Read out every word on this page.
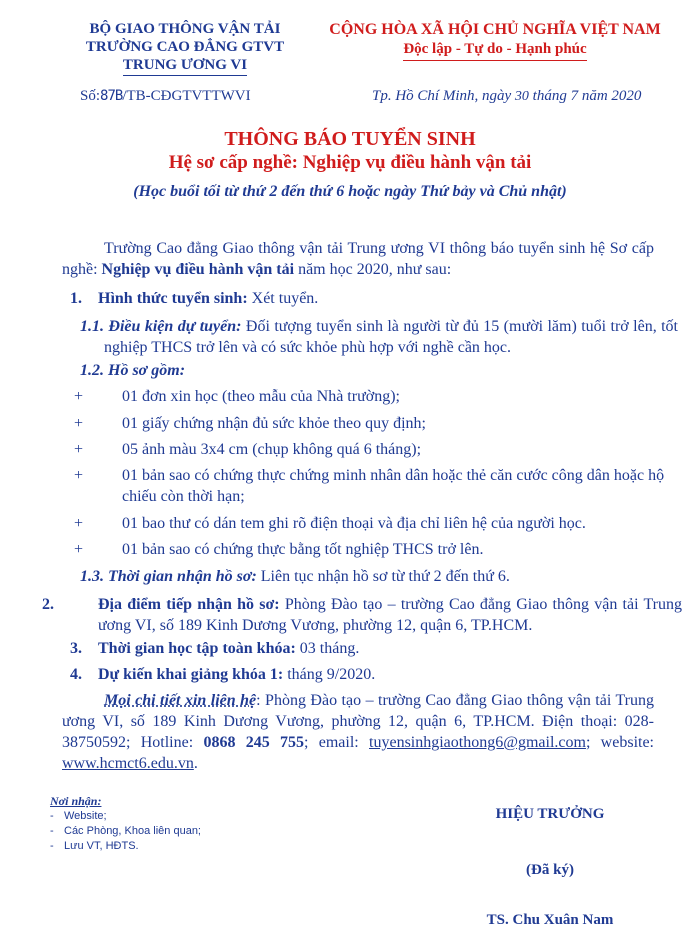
BỘ GIAO THÔNG VẬN TẢI
TRƯỜNG CAO ĐẲNG GTVT
TRUNG ƯƠNG VI
CỘNG HÒA XÃ HỘI CHỦ NGHĨA VIỆT NAM
Độc lập - Tự do - Hạnh phúc
Số:87B/TB-CĐGTVTTWVI	Tp. Hồ Chí Minh, ngày 30 tháng 7 năm 2020
THÔNG BÁO TUYỂN SINH
Hệ sơ cấp nghề: Nghiệp vụ điều hành vận tải
(Học buổi tối từ thứ 2 đến thứ 6 hoặc ngày Thứ bảy và Chủ nhật)
Trường Cao đẳng Giao thông vận tải Trung ương VI thông báo tuyển sinh hệ Sơ cấp nghề: Nghiệp vụ điều hành vận tải năm học 2020, như sau:
1. Hình thức tuyển sinh: Xét tuyển.
1.1. Điều kiện dự tuyển: Đối tượng tuyển sinh là người từ đủ 15 (mười lăm) tuổi trở lên, tốt nghiệp THCS trở lên và có sức khỏe phù hợp với nghề cần học.
1.2. Hồ sơ gồm:
+ 01 đơn xin học (theo mẫu của Nhà trường);
+ 01 giấy chứng nhận đủ sức khỏe theo quy định;
+ 05 ảnh màu 3x4 cm (chụp không quá 6 tháng);
+ 01 bản sao có chứng thực chứng minh nhân dân hoặc thẻ căn cước công dân hoặc hộ chiếu còn thời hạn;
+ 01 bao thư có dán tem ghi rõ điện thoại và địa chỉ liên hệ của người học.
+ 01 bản sao có chứng thực bằng tốt nghiệp THCS trở lên.
1.3. Thời gian nhận hồ sơ: Liên tục nhận hồ sơ từ thứ 2 đến thứ 6.
2.	Địa điểm tiếp nhận hồ sơ: Phòng Đào tạo – trường Cao đẳng Giao thông vận tải Trung ương VI, số 189 Kinh Dương Vương, phường 12, quận 6, TP.HCM.
3. Thời gian học tập toàn khóa: 03 tháng.
4. Dự kiến khai giảng khóa 1: tháng 9/2020.
Mọi chi tiết xin liên hệ: Phòng Đào tạo – trường Cao đẳng Giao thông vận tải Trung ương VI, số 189 Kinh Dương Vương, phường 12, quận 6, TP.HCM. Điện thoại: 028-38750592; Hotline: 0868 245 755; email: tuyensinhgiaothong6@gmail.com; website: www.hcmct6.edu.vn.
Nơi nhận:
- Website;
- Các Phòng, Khoa liên quan;
- Lưu VT, HĐTS.
HIỆU TRƯỞNG
(Đã ký)
TS. Chu Xuân Nam
